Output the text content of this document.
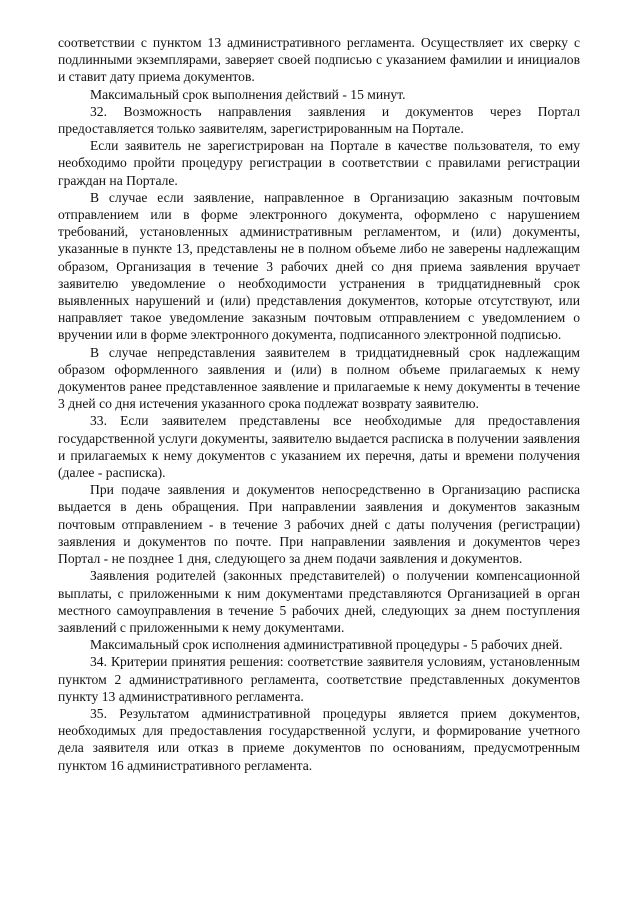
соответствии с пунктом 13 административного регламента. Осуществляет их сверку с подлинными экземплярами, заверяет своей подписью с указанием фамилии и инициалов и ставит дату приема документов.

Максимальный срок выполнения действий - 15 минут.

32. Возможность направления заявления и документов через Портал предоставляется только заявителям, зарегистрированным на Портале.

Если заявитель не зарегистрирован на Портале в качестве пользователя, то ему необходимо пройти процедуру регистрации в соответствии с правилами регистрации граждан на Портале.

В случае если заявление, направленное в Организацию заказным почтовым отправлением или в форме электронного документа, оформлено с нарушением требований, установленных административным регламентом, и (или) документы, указанные в пункте 13, представлены не в полном объеме либо не заверены надлежащим образом, Организация в течение 3 рабочих дней со дня приема заявления вручает заявителю уведомление о необходимости устранения в тридцатидневный срок выявленных нарушений и (или) представления документов, которые отсутствуют, или направляет такое уведомление заказным почтовым отправлением с уведомлением о вручении или в форме электронного документа, подписанного электронной подписью.

В случае непредставления заявителем в тридцатидневный срок надлежащим образом оформленного заявления и (или) в полном объеме прилагаемых к нему документов ранее представленное заявление и прилагаемые к нему документы в течение 3 дней со дня истечения указанного срока подлежат возврату заявителю.

33. Если заявителем представлены все необходимые для предоставления государственной услуги документы, заявителю выдается расписка в получении заявления и прилагаемых к нему документов с указанием их перечня, даты и времени получения (далее - расписка).

При подаче заявления и документов непосредственно в Организацию расписка выдается в день обращения. При направлении заявления и документов заказным почтовым отправлением - в течение 3 рабочих дней с даты получения (регистрации) заявления и документов по почте. При направлении заявления и документов через Портал - не позднее 1 дня, следующего за днем подачи заявления и документов.

Заявления родителей (законных представителей) о получении компенсационной выплаты, с приложенными к ним документами представляются Организацией в орган местного самоуправления в течение 5 рабочих дней, следующих за днем поступления заявлений с приложенными к нему документами.

Максимальный срок исполнения административной процедуры - 5 рабочих дней.

34. Критерии принятия решения: соответствие заявителя условиям, установленным пунктом 2 административного регламента, соответствие представленных документов пункту 13 административного регламента.

35. Результатом административной процедуры является прием документов, необходимых для предоставления государственной услуги, и формирование учетного дела заявителя или отказ в приеме документов по основаниям, предусмотренным пунктом 16 административного регламента.
